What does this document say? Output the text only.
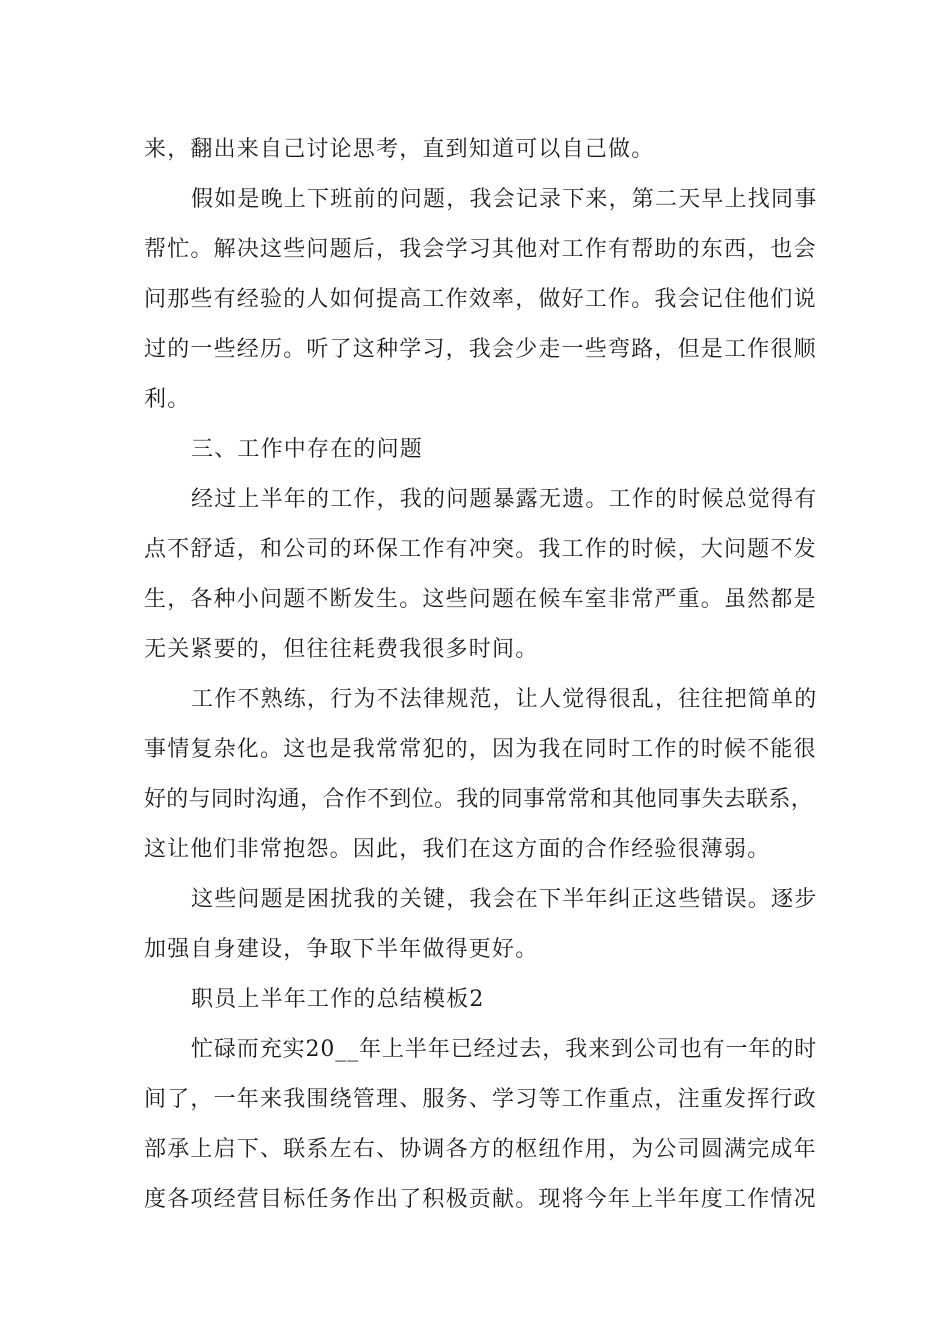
来，翻出来自己讨论思考，直到知道可以自己做。
假如是晚上下班前的问题，我会记录下来，第二天早上找同事
帮忙。解决这些问题后，我会学习其他对工作有帮助的东西，也会
问那些有经验的人如何提高工作效率，做好工作。我会记住他们说
过的一些经历。听了这种学习，我会少走一些弯路，但是工作很顺
利。
三、工作中存在的问题
经过上半年的工作，我的问题暴露无遗。工作的时候总觉得有
点不舒适，和公司的环保工作有冲突。我工作的时候，大问题不发
生，各种小问题不断发生。这些问题在候车室非常严重。虽然都是
无关紧要的，但往往耗费我很多时间。
工作不熟练，行为不法律规范，让人觉得很乱，往往把简单的
事情复杂化。这也是我常常犯的，因为我在同时工作的时候不能很
好的与同时沟通，合作不到位。我的同事常常和其他同事失去联系，
这让他们非常抱怨。因此，我们在这方面的合作经验很薄弱。
这些问题是困扰我的关键，我会在下半年纠正这些错误。逐步
加强自身建设，争取下半年做得更好。
职员上半年工作的总结模板2
忙碌而充实20__年上半年已经过去，我来到公司也有一年的时
间了，一年来我围绕管理、服务、学习等工作重点，注重发挥行政
部承上启下、联系左右、协调各方的枢纽作用，为公司圆满完成年
度各项经营目标任务作出了积极贡献。现将今年上半年度工作情况
